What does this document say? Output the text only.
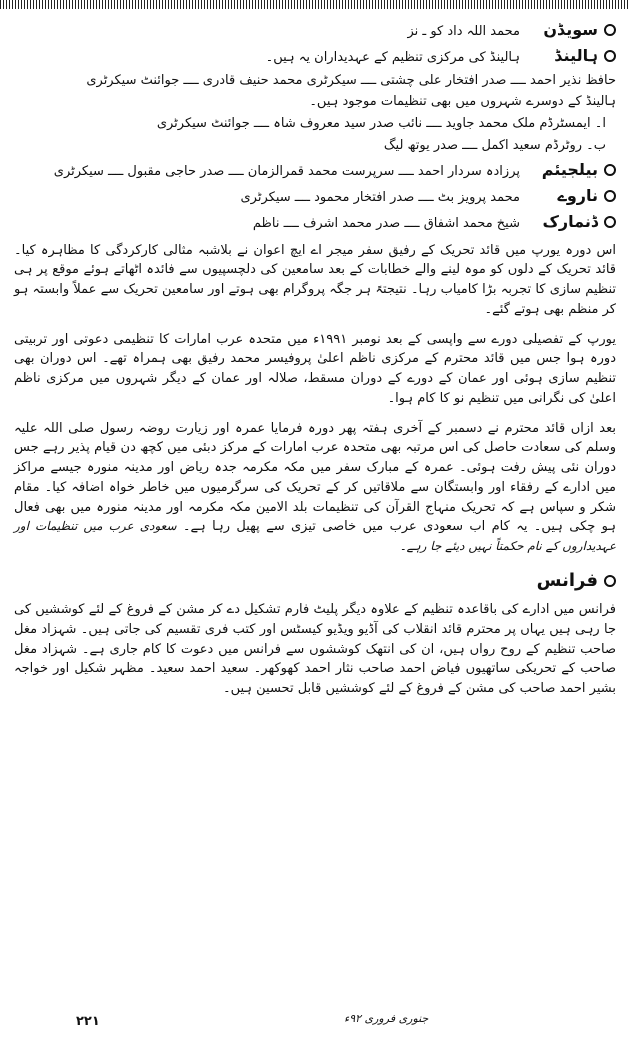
سویڈن
محمد اللہ داد کو ـ نز
ہالینڈ
ہالینڈ کی مرکزی تنظیم کے عہدیداران یہ ہیں۔
حافظ نذیر احمد ــــ صدر افتخار علی چشتی ــــ سیکرٹری محمد حنیف قادری ــــ جوائنٹ سیکرٹری
ہالینڈ کے دوسرے شہروں میں بھی تنظیمات موجود ہیں۔
ا۔ ایمسٹرڈم ملک محمد جاوید ــــ نائب صدر سید معروف شاہ ــــ جوائنٹ سیکرٹری
ب۔ روٹرڈم سعید اکمل ــــ صدر یوتھ لیگ
بیلجیئم
پرزادہ سردار احمد ــــ سرپرست محمد قمرالزمان ــــ صدر حاجی مقبول ــــ سیکرٹری
ناروے
محمد پرویز بٹ ــــ صدر افتخار محمود ــــ سیکرٹری
ڈنمارک
شیخ محمد اشفاق ــــ صدر محمد اشرف ــــ ناظم

اس دورہ یورپ میں قائد تحریک کے رفیق سفر میجر اے ایچ اعوان نے بلاشبہ مثالی کارکردگی کا مظاہرہ کیا۔ قائد تحریک کے دلوں کو موہ لینے والے خطابات کے بعد سامعین کی دلچسپیوں سے فائدہ اٹھاتے ہوئے موقع پر ہی تنظیم سازی کا تجربہ بڑا کامیاب رہا۔ نتیجتہً ہر جگہ پروگرام بھی ہوتے اور سامعین تحریک سے عملاً وابستہ ہو کر منظم بھی ہوتے گئے۔

یورپ کے تفصیلی دورے سے واپسی کے بعد نومبر ۱۹۹۱ء میں متحدہ عرب امارات کا تنظیمی دعوتی اور تربیتی دورہ ہوا جس میں قائد محترم کے مرکزی ناظم اعلیٰ پروفیسر محمد رفیق بھی ہمراہ تھے۔ اس دوران بھی تنظیم سازی ہوئی اور عمان کے دورے کے دوران مسقط، صلالہ اور عمان کے دیگر شہروں میں مرکزی ناظم اعلیٰ کی نگرانی میں تنظیم نو کا کام ہوا۔

بعد ازاں قائد محترم نے دسمبر کے آخری ہفتہ پھر دورہ فرمایا عمرہ اور زیارت روضہ رسول صلی اللہ علیہ وسلم کی سعادت حاصل کی اس مرتبہ بھی متحدہ عرب امارات کے مرکز دبئی میں کچھ دن قیام پذیر رہے جس دوران نئی پیش رفت ہوئی۔ عمرہ کے مبارک سفر میں مکہ مکرمہ جدہ ریاض اور مدینہ منورہ جیسے مراکز میں ادارے کے رفقاء اور وابستگان سے ملاقاتیں کر کے تحریک کی سرگرمیوں میں خاطر خواہ اضافہ کیا۔ مقام شکر و سپاس ہے کہ تحریک منہاج القرآن کی تنظیمات بلد الامین مکہ مکرمہ اور مدینہ منورہ میں بھی فعال ہو چکی ہیں۔ یہ کام اب سعودی عرب میں خاصی تیزی سے پھیل رہا ہے۔ سعودی عرب میں تنظیمات اور عہدیداروں کے نام حکمتاً نہیں دیئے جا رہے۔

فرانس

فرانس میں ادارے کی باقاعدہ تنظیم کے علاوہ دیگر پلیٹ فارم تشکیل دے کر مشن کے فروغ کے لئے کوششیں کی جا رہی ہیں یہاں پر محترم قائد انقلاب کی آڈیو ویڈیو کیسٹس اور کتب فری تقسیم کی جاتی ہیں۔ شہزاد مغل صاحب تنظیم کے روح رواں ہیں، ان کی انتھک کوششوں سے فرانس میں دعوت کا کام جاری ہے۔ شہزاد مغل صاحب کے تحریکی ساتھیوں فیاض احمد صاحب نثار احمد کھوکھر۔ سعید احمد سعید۔ مظہر شکیل اور خواجہ بشیر احمد صاحب کی مشن کے فروغ کے لئے کوششیں قابل تحسین ہیں۔

۲۲۱	جنوری فروری ۹۲ء
